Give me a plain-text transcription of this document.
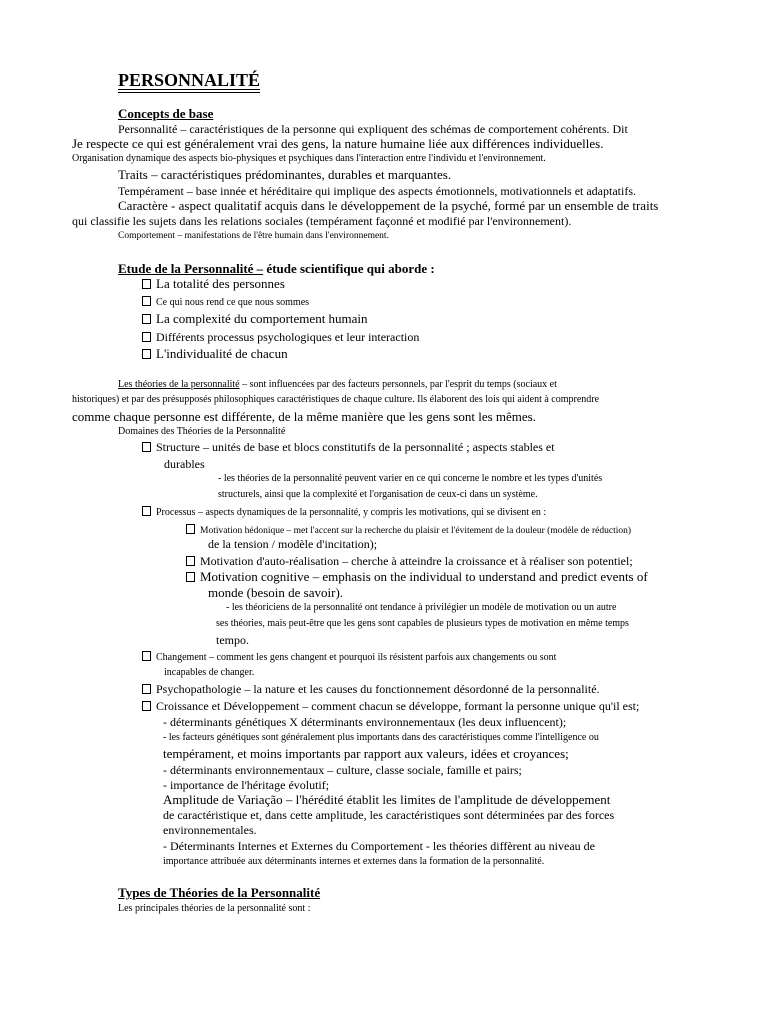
PERSONNALITÉ
Concepts de base
Personnalité – caractéristiques de la personne qui expliquent des schémas de comportement cohérents. Dit
Je respecte ce qui est généralement vrai des gens, la nature humaine liée aux différences individuelles.
Organisation dynamique des aspects bio-physiques et psychiques dans l'interaction entre l'individu et l'environnement.
Traits – caractéristiques prédominantes, durables et marquantes.
Tempérament – base innée et héréditaire qui implique des aspects émotionnels, motivationnels et adaptatifs.
Caractère - aspect qualitatif acquis dans le développement de la psyché, formé par un ensemble de traits
qui classifie les sujets dans les relations sociales (tempérament façonné et modifié par l'environnement).
Comportement – manifestations de l'être humain dans l'environnement.
Etude de la Personnalité – étude scientifique qui aborde :
La totalité des personnes
Ce qui nous rend ce que nous sommes
La complexité du comportement humain
Différents processus psychologiques et leur interaction
L'individualité de chacun
Les théories de la personnalité – sont influencées par des facteurs personnels, par l'esprit du temps (sociaux et
historiques) et par des présupposés philosophiques caractéristiques de chaque culture. Ils élaborent des lois qui aident à comprendre
comme chaque personne est différente, de la même manière que les gens sont les mêmes.
Domaines des Théories de la Personnalité
Structure – unités de base et blocs constitutifs de la personnalité ; aspects stables et
durables
- les théories de la personnalité peuvent varier en ce qui concerne le nombre et les types d'unités
structurels, ainsi que la complexité et l'organisation de ceux-ci dans un système.
Processus – aspects dynamiques de la personnalité, y compris les motivations, qui se divisent en :
Motivation hédonique – met l'accent sur la recherche du plaisir et l'évitement de la douleur (modèle de réduction)
de la tension / modèle d'incitation);
Motivation d'auto-réalisation – cherche à atteindre la croissance et à réaliser son potentiel;
Motivation cognitive – emphasis on the individual to understand and predict events of
monde (besoin de savoir).
- les théoriciens de la personnalité ont tendance à privilégier un modèle de motivation ou un autre
ses théories, mais peut-être que les gens sont capables de plusieurs types de motivation en même temps
tempo.
Changement – comment les gens changent et pourquoi ils résistent parfois aux changements ou sont
incapables de changer.
Psychopathologie – la nature et les causes du fonctionnement désordonné de la personnalité.
Croissance et Développement – comment chacun se développe, formant la personne unique qu'il est;
- déterminants génétiques X déterminants environnementaux (les deux influencent);
- les facteurs génétiques sont généralement plus importants dans des caractéristiques comme l'intelligence ou
tempérament, et moins importants par rapport aux valeurs, idées et croyances;
- déterminants environnementaux – culture, classe sociale, famille et pairs;
- importance de l'héritage évolutif;
Amplitude de Variação – l'hérédité établit les limites de l'amplitude de développement
de caractéristique et, dans cette amplitude, les caractéristiques sont déterminées par des forces
environnementales.
- Déterminants Internes et Externes du Comportement - les théories diffèrent au niveau de
importance attribuée aux déterminants internes et externes dans la formation de la personnalité.
Types de Théories de la Personnalité
Les principales théories de la personnalité sont :
